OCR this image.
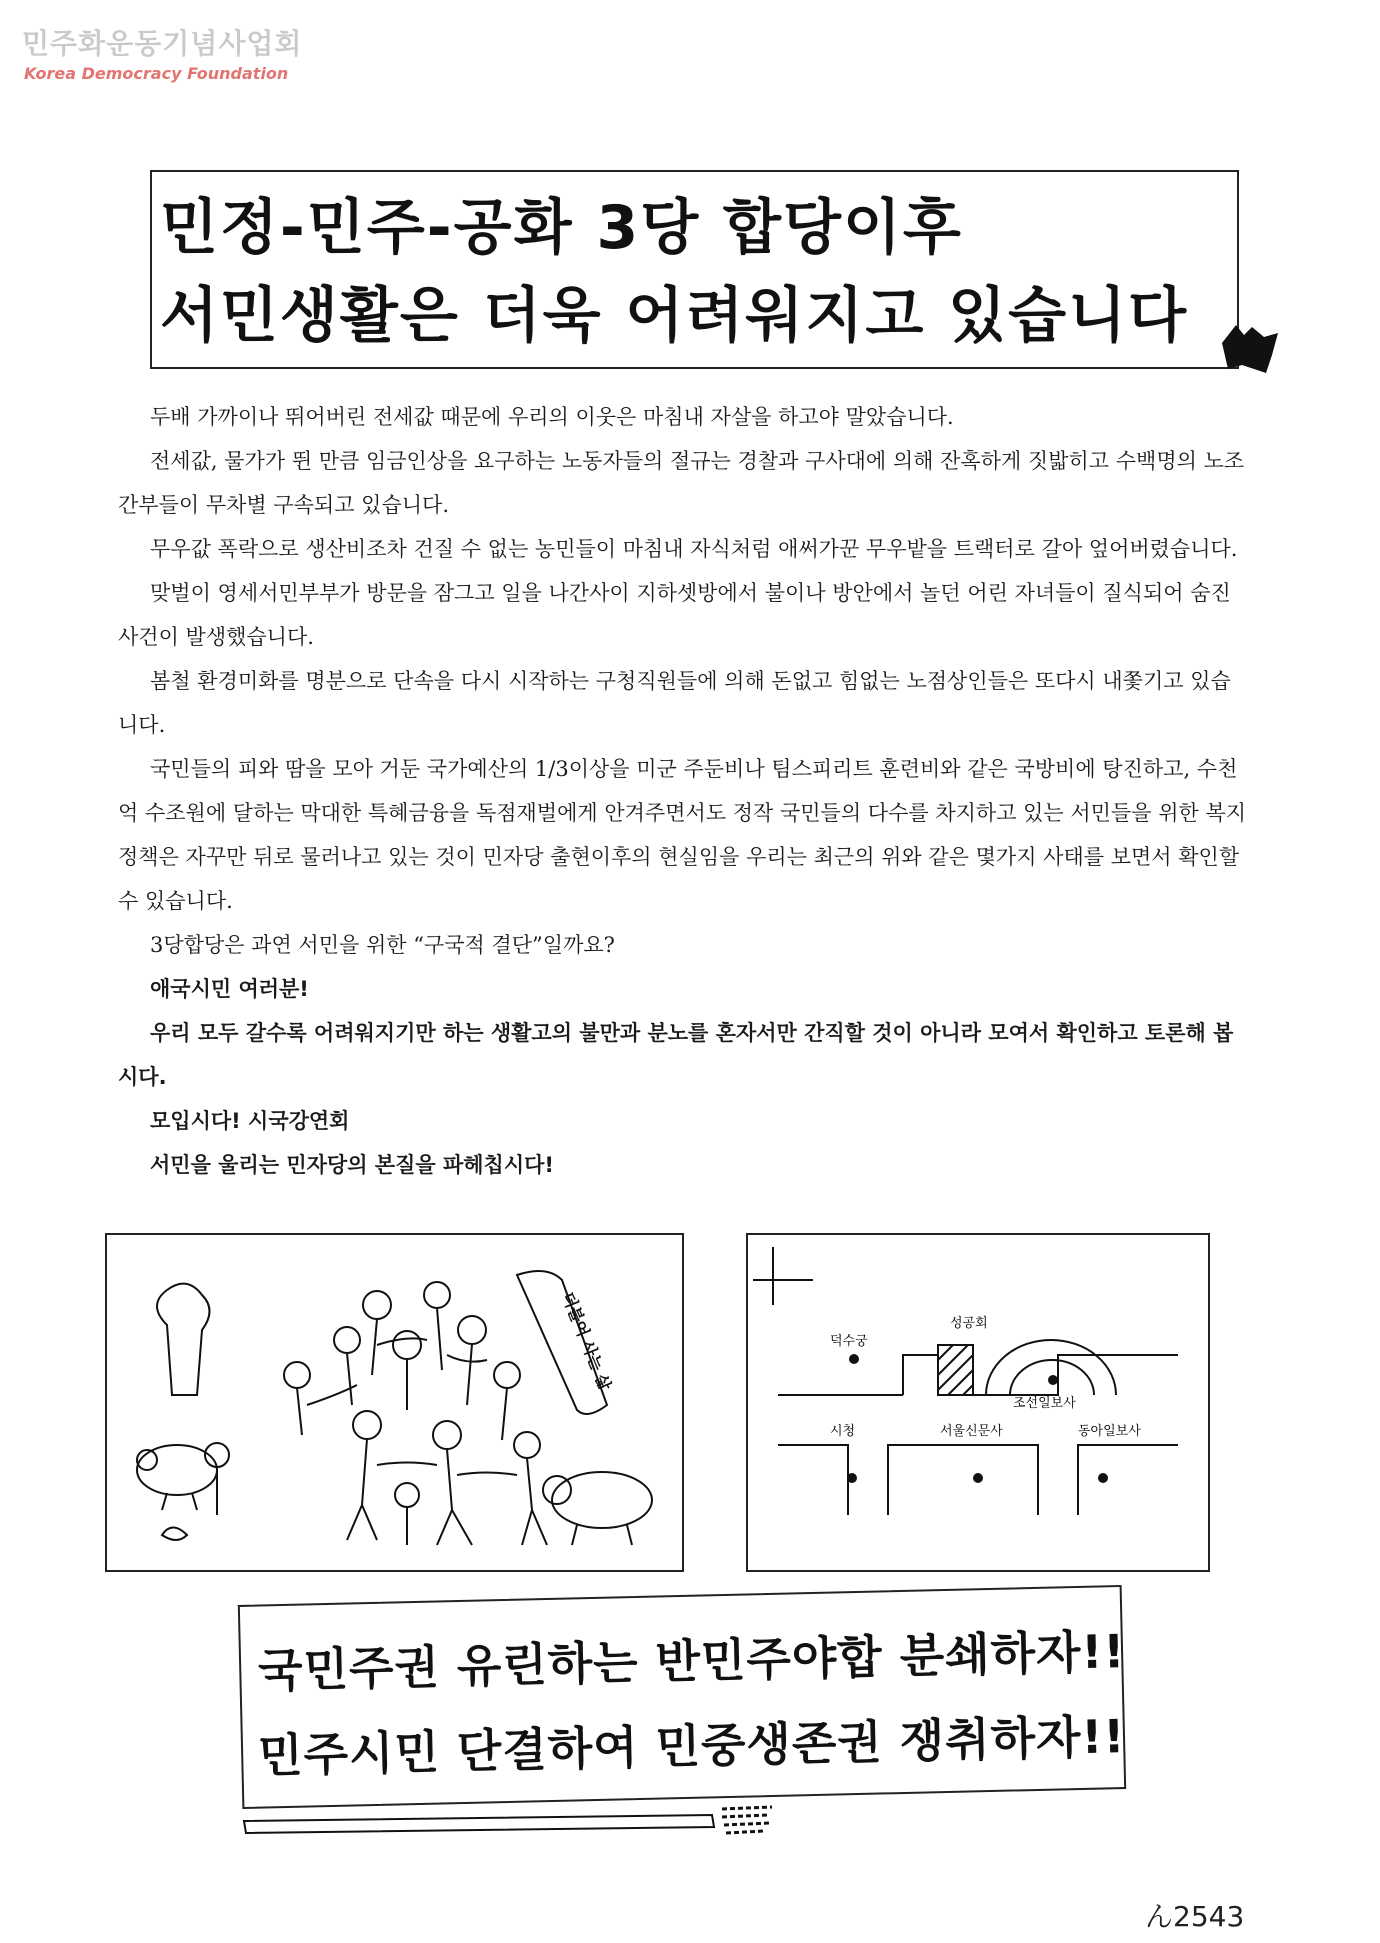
민주화운동기념사업회
Korea Democracy Foundation
민정-민주-공화 3당 합당이후
서민생활은 더욱 어려워지고 있습니다

두배 가까이나 뛰어버린 전세값 때문에 우리의 이웃은 마침내 자살을 하고야 말았습니다.

전세값, 물가가 뛴 만큼 임금인상을 요구하는 노동자들의 절규는 경찰과 구사대에 의해 잔혹하게 짓밟히고 수백명의 노조간부들이 무차별 구속되고 있습니다.

무우값 폭락으로 생산비조차 건질 수 없는 농민들이 마침내 자식처럼 애써가꾼 무우밭을 트랙터로 갈아 엎어버렸습니다.

맞벌이 영세서민부부가 방문을 잠그고 일을 나간사이 지하셋방에서 불이나 방안에서 놀던 어린 자녀들이 질식되어 숨진사건이 발생했습니다.

봄철 환경미화를 명분으로 단속을 다시 시작하는 구청직원들에 의해 돈없고 힘없는 노점상인들은 또다시 내쫓기고 있습니다.

국민들의 피와 땀을 모아 거둔 국가예산의 1/3이상을 미군 주둔비나 팀스피리트 훈련비와 같은 국방비에 탕진하고, 수천억 수조원에 달하는 막대한 특혜금융을 독점재벌에게 안겨주면서도 정작 국민들의 다수를 차지하고 있는 서민들을 위한 복지정책은 자꾸만 뒤로 물러나고 있는 것이 민자당 출현이후의 현실임을 우리는 최근의 위와 같은 몇가지 사태를 보면서 확인할 수 있습니다.

3당합당은 과연 서민을 위한 “구국적 결단”일까요?

애국시민 여러분!

우리 모두 갈수록 어려워지기만 하는 생활고의 불만과 분노를 혼자서만 간직할 것이 아니라 모여서 확인하고 토론해 봅시다.

모입시다! 시국강연회

서민을 울리는 민자당의 본질을 파헤칩시다!

더불어 사는 삶	덕수궁
성공회
조선일보사
시청	서울신문사	동아일보사
국민주권 유린하는 반민주야합 분쇄하자!!
민주시민 단결하여 민중생존권 쟁취하자!!
ん2543
